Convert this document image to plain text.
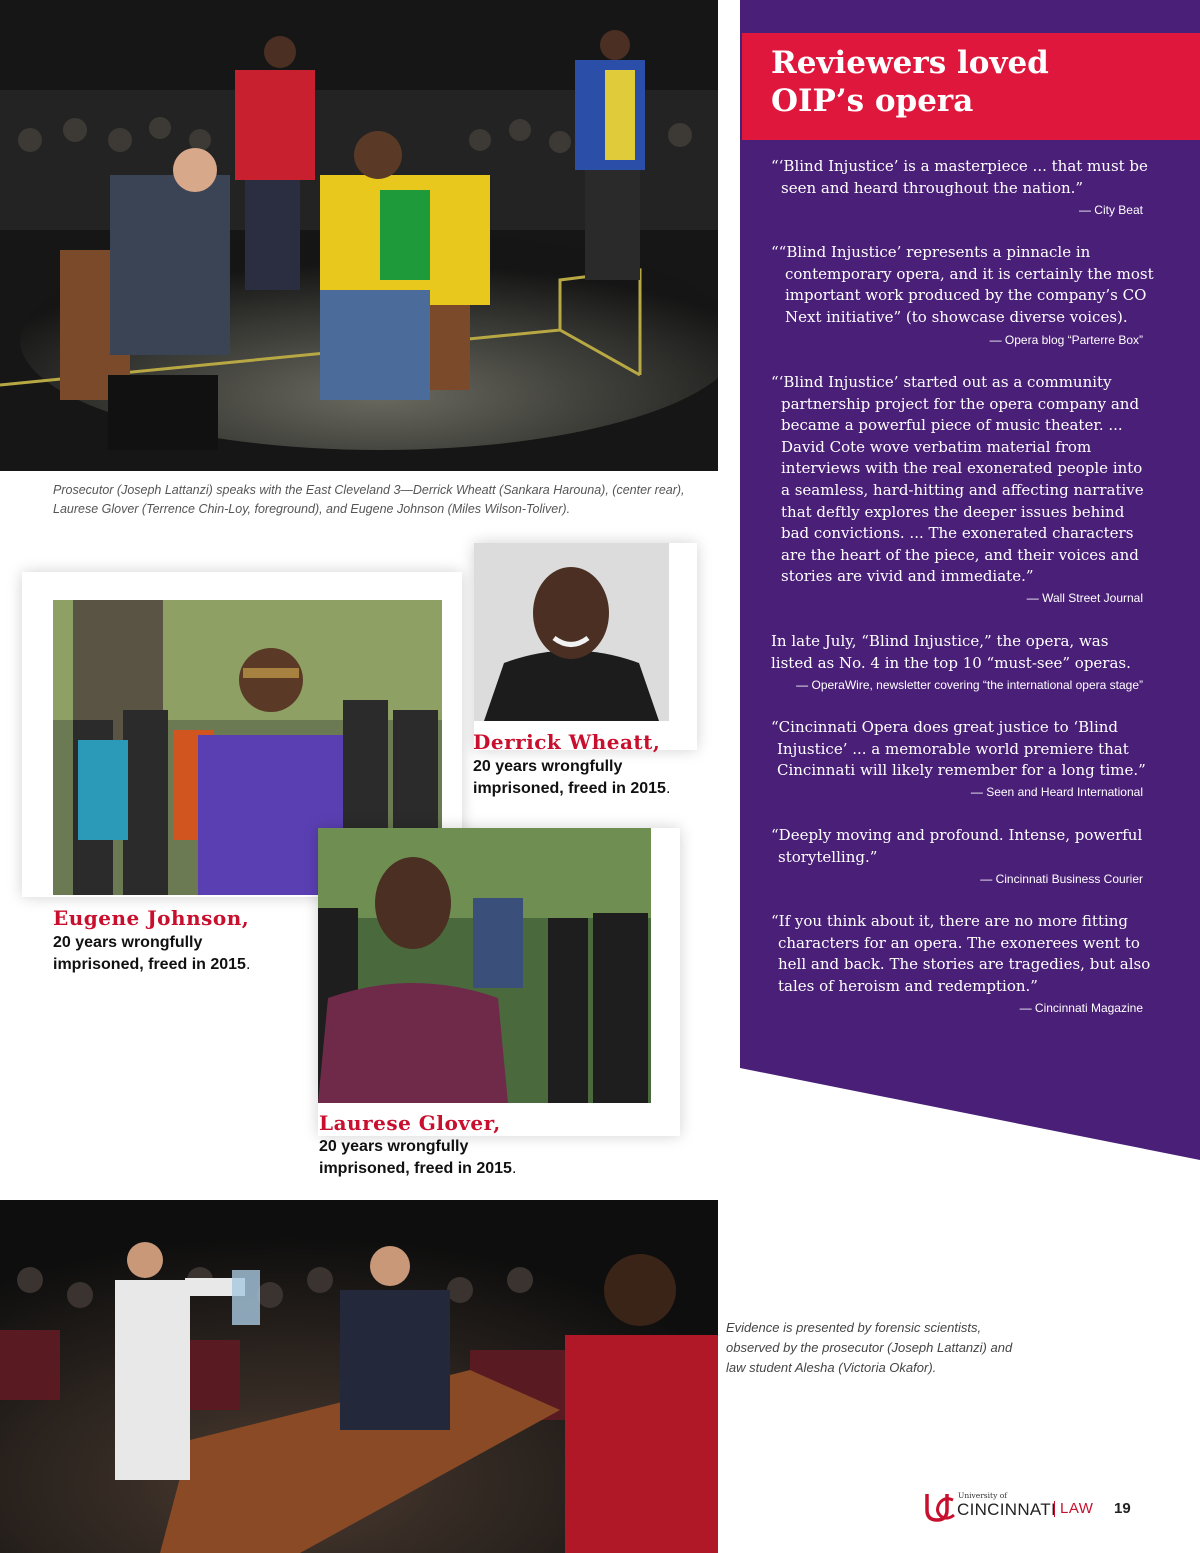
Prosecutor (Joseph Lattanzi) speaks with the East Cleveland 3—Derrick Wheatt (Sankara Harouna), (center rear), Laurese Glover (Terrence Chin-Loy, foreground), and Eugene Johnson (Miles Wilson-Toliver).
Derrick Wheatt,
20 years wrongfully imprisoned, freed in 2015.
Eugene Johnson,
20 years wrongfully imprisoned, freed in 2015.
Laurese Glover,
20 years wrongfully imprisoned, freed in 2015.
Evidence is presented by forensic scientists, observed by the prosecutor (Joseph Lattanzi) and law student Alesha (Victoria Okafor).
Reviewers loved
OIP’s opera
“‘Blind Injustice’ is a masterpiece ... that must be
seen and heard throughout the nation.”
— City Beat
““Blind Injustice’ represents a pinnacle in
contemporary opera, and it is certainly the most important work produced by the company’s CO Next initiative” (to showcase diverse voices).
— Opera blog “Parterre Box”
“‘Blind Injustice’ started out as a community
partnership project for the opera company and became a powerful piece of music theater. ... David Cote wove verbatim material from interviews with the real exonerated people into a seamless, hard-hitting and affecting narrative that deftly explores the deeper issues behind bad convictions. ... The exonerated characters are the heart of the piece, and their voices and stories are vivid and immediate.”
— Wall Street Journal
In late July, “Blind Injustice,” the opera, was listed as No. 4 in the top 10 “must-see” operas.
— OperaWire, newsletter covering “the international opera stage”
“Cincinnati Opera does great justice to ‘Blind
Injustice’ ... a memorable world premiere that Cincinnati will likely remember for a long time.”
— Seen and Heard International
“Deeply moving and profound. Intense, powerful
storytelling.”
— Cincinnati Business Courier
“If you think about it, there are no more fitting
characters for an opera. The exonerees went to hell and back. The stories are tragedies, but also tales of heroism and redemption.”
— Cincinnati Magazine
University of
CINCINNATI LAW 19
